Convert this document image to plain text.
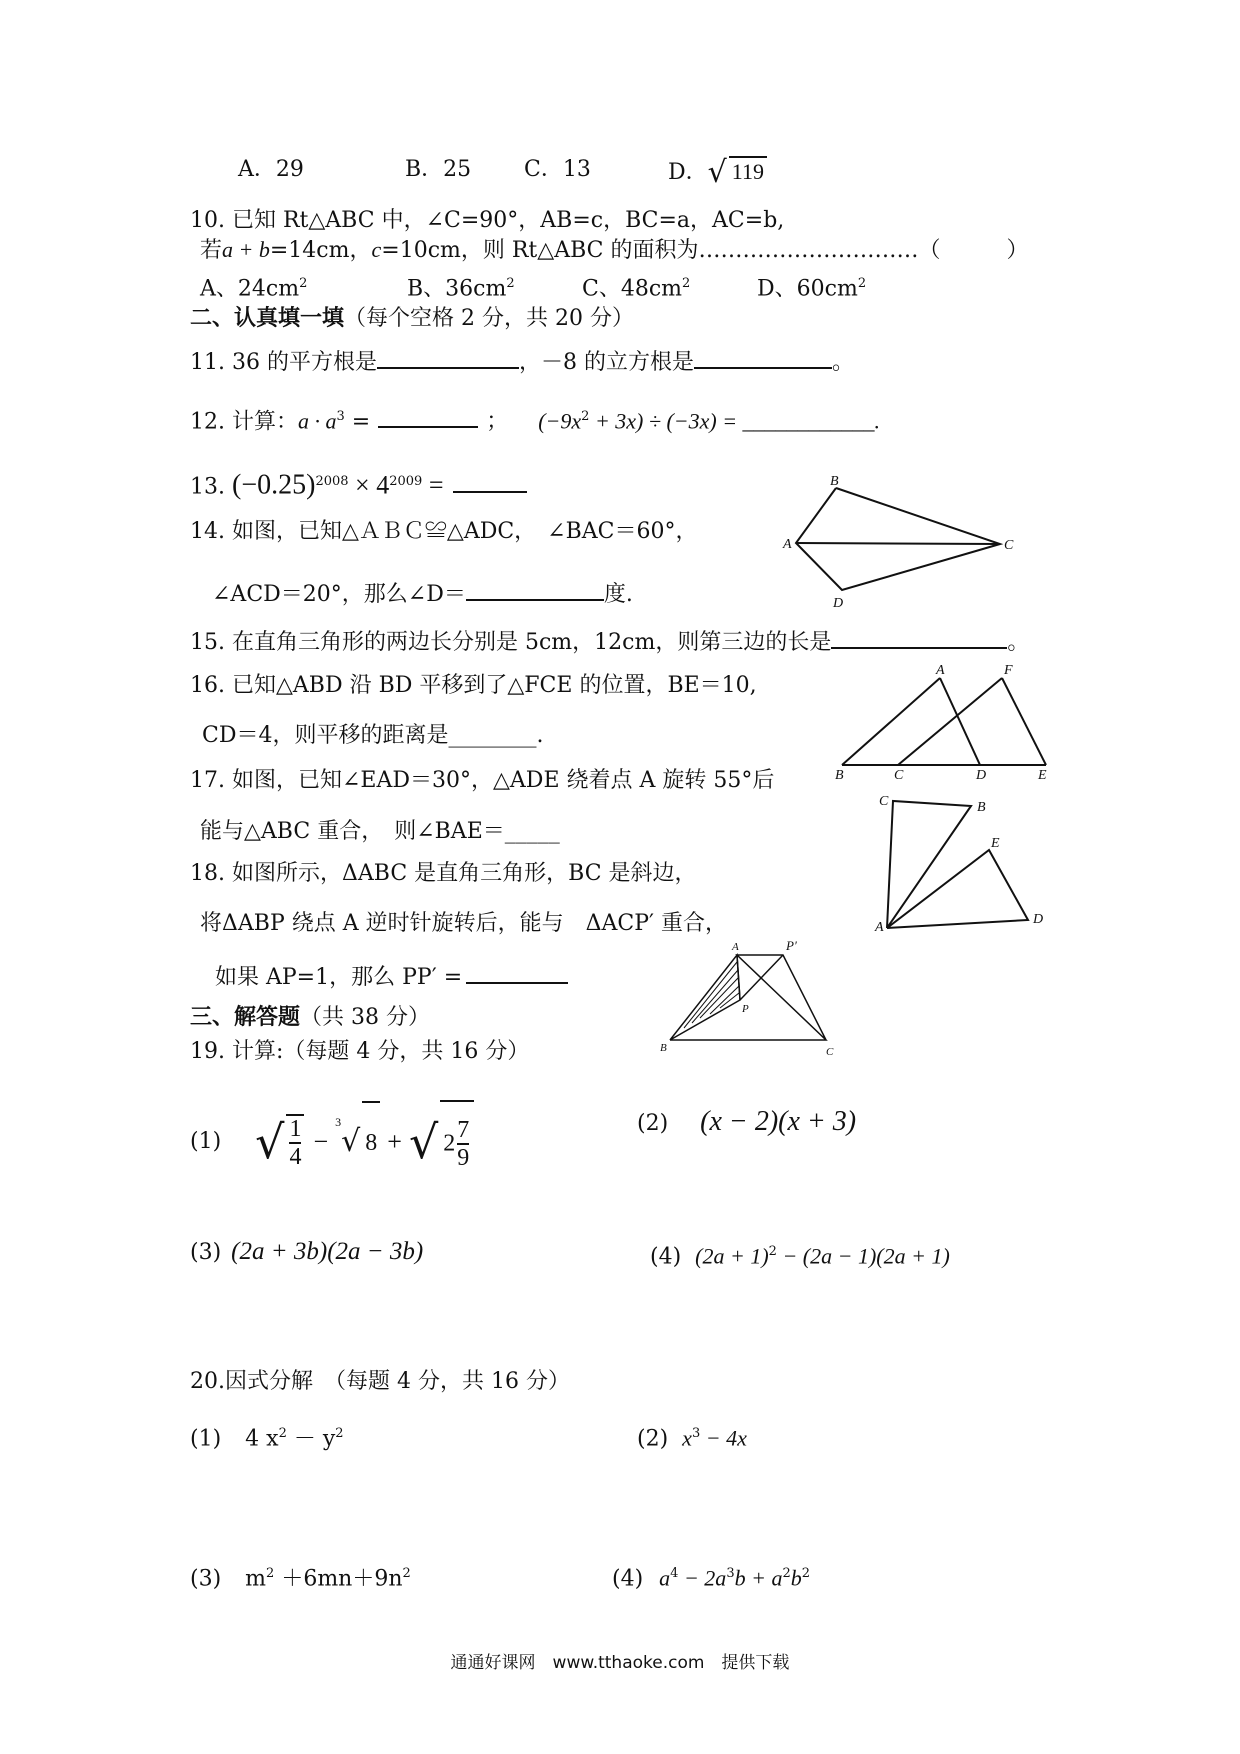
A．29	B．25 C．13	D．√ 119
10. 已知 Rt△ABC 中，∠C=90°，AB=c，BC=a，AC=b,
若a + b=14cm，c=10cm，则 Rt△ABC 的面积为…………………………（　　　）
A、$24cm^2$	B、$36cm^2$	C、$48cm^2$	D、$60cm^2$
二、认真填一填（每个空格 2 分，共 20 分）
11. 36 的平方根是	，－8 的立方根是	。
12. 计算：$a \cdot a^3$ =	； $(-9x^2 + 3x) \div (-3x)$ = ____________.
13. $(-0.25)^{2008} \times 4^{2009}$ =
14. 如图，已知△ＡＢＣ≌△ADC，　∠BAC＝60°，
∠ACD＝20°，那么∠D＝	度.
B
A	C
D
15. 在直角三角形的两边长分别是 5cm，12cm，则第三边的长是	。
16. 已知△ABD 沿 BD 平移到了△FCE 的位置，BE＝10,
CD＝4，则平移的距离是________.
A	F
B	C	D	E
17. 如图，已知∠EAD＝30°，△ADE 绕着点 A 旋转 55°后
能与△ABC 重合，　则∠BAE＝_____
C	B
E
A
D
18. 如图所示，ΔABC 是直角三角形，BC 是斜边，
将ΔABP 绕点 A 逆时针旋转后，能与　ΔACP′ 重合，
如果 AP=1，那么 PP′ =
A	P′
P
B	C
三、解答题（共 38 分）
19. 计算:（每题 4 分，共 16 分）
(1) √ $\frac{1}{4} - ^3√$ 8 + √ $2 \frac{7}{9}$	(2) (x − 2)(x + 3)
(3) (2a + 3b)(2a − 3b)	(4) $(2a + 1)^2 - (2a - 1)(2a + 1)$
20.因式分解　（每题 4 分，共 16 分）
(1) 4 $x^2 - y^2$	(2) $x^3 - 4x$
(3) $m^2 +6mn+9n^2$	(4) $a^4 - 2a^3b + a^2b^2$
通通好课网　www.tthaoke.com　提供下载
